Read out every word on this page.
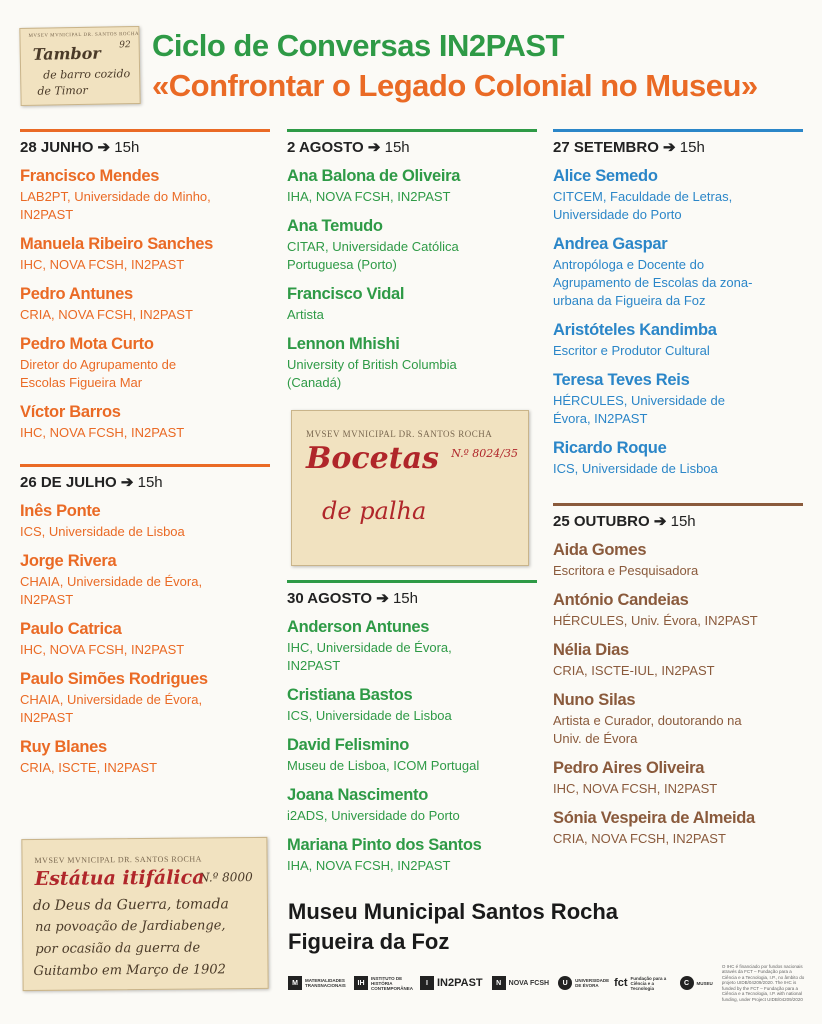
MVSEV MVNICIPAL DR. SANTOS ROCHA
Tambor 92
de barro cozido
de Timor
Ciclo de Conversas IN2PAST
«Confrontar o Legado Colonial no Museu»
28 JUNHO ➔ 15h
Francisco Mendes
LAB2PT, Universidade do Minho, IN2PAST
Manuela Ribeiro Sanches
IHC, NOVA FCSH, IN2PAST
Pedro Antunes
CRIA, NOVA FCSH, IN2PAST
Pedro Mota Curto
Diretor do Agrupamento de Escolas Figueira Mar
Víctor Barros
IHC, NOVA FCSH, IN2PAST
26 DE JULHO ➔ 15h
Inês Ponte
ICS, Universidade de Lisboa
Jorge Rivera
CHAIA, Universidade de Évora, IN2PAST
Paulo Catrica
IHC, NOVA FCSH, IN2PAST
Paulo Simões Rodrigues
CHAIA, Universidade de Évora, IN2PAST
Ruy Blanes
CRIA, ISCTE, IN2PAST
MVSEV MVNICIPAL DR. SANTOS ROCHA
N.º 8000
Estátua itifálica
do Deus da Guerra, tomada
na povoação de Jardiabenge,
por ocasião da guerra de
Guitambo em Março de 1902
2 AGOSTO ➔ 15h
Ana Balona de Oliveira
IHA, NOVA FCSH, IN2PAST
Ana Temudo
CITAR, Universidade Católica Portuguesa (Porto)
Francisco Vidal
Artista
Lennon Mhishi
University of British Columbia (Canadá)
MVSEV MVNICIPAL DR. SANTOS ROCHA
N.º 8024/35
Bocetas
de palha
30 AGOSTO ➔ 15h
Anderson Antunes
IHC, Universidade de Évora, IN2PAST
Cristiana Bastos
ICS, Universidade de Lisboa
David Felismino
Museu de Lisboa, ICOM Portugal
Joana Nascimento
i2ADS, Universidade do Porto
Mariana Pinto dos Santos
IHA, NOVA FCSH, IN2PAST
27 SETEMBRO ➔ 15h
Alice Semedo
CITCEM, Faculdade de Letras, Universidade do Porto
Andrea Gaspar
Antropóloga e Docente do Agrupamento de Escolas da zona-urbana da Figueira da Foz
Aristóteles Kandimba
Escritor e Produtor Cultural
Teresa Teves Reis
HÉRCULES, Universidade de Évora, IN2PAST
Ricardo Roque
ICS, Universidade de Lisboa
25 OUTUBRO ➔ 15h
Aida Gomes
Escritora e Pesquisadora
António Candeias
HÉRCULES, Univ. Évora, IN2PAST
Nélia Dias
CRIA, ISCTE-IUL, IN2PAST
Nuno Silas
Artista e Curador, doutorando na Univ. de Évora
Pedro Aires Oliveira
IHC, NOVA FCSH, IN2PAST
Sónia Vespeira de Almeida
CRIA, NOVA FCSH, IN2PAST
Museu Municipal Santos Rocha
Figueira da Foz
M	MATERIALIDADES TRANSNACIONAIS	IH
INSTITUTO DE HISTÓRIA CONTEMPORÂNEA
I IN2PAST	N	NOVA FCSH	U	UNIVERSIDADE DE ÉVORA	fct Fundação para a Ciência e a Tecnologia
C	MUSEU
O IHC é financiado por fundos nacionais através da FCT – Fundação para a Ciência e a Tecnologia, I.P., no âmbito do projeto UIDB/04209/2020. The IHC is funded by the FCT – Fundação para a Ciência e a Tecnologia, I.P. with national funding, under Project UIDB/04209/2020
